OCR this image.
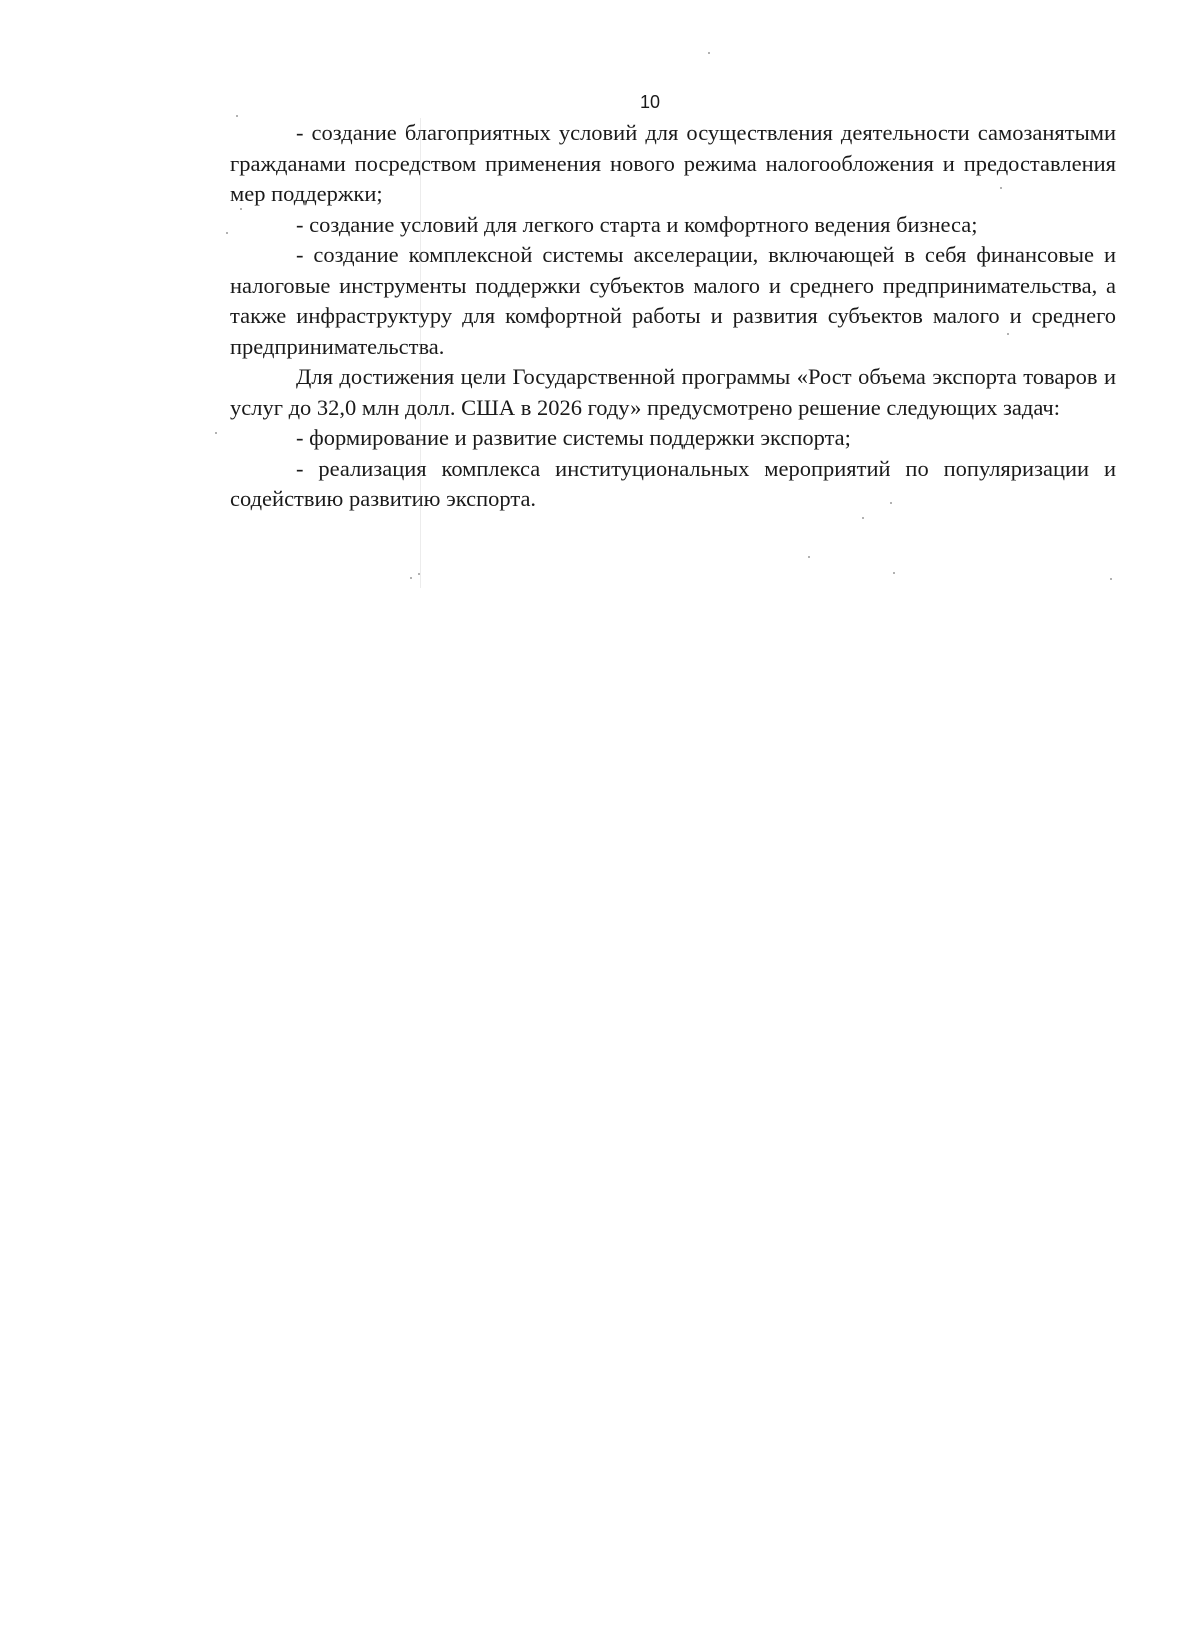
10

- создание благоприятных условий для осуществления деятельности самозанятыми гражданами посредством применения нового режима налогообложения и предоставления мер поддержки;

- создание условий для легкого старта и комфортного ведения бизнеса;

- создание комплексной системы акселерации, включающей в себя финансовые и налоговые инструменты поддержки субъектов малого и среднего предпринимательства, а также инфраструктуру для комфортной работы и развития субъектов малого и среднего предпринимательства.

Для достижения цели Государственной программы «Рост объема экспорта товаров и услуг до 32,0 млн долл. США в 2026 году» предусмотрено решение следующих задач:

- формирование и развитие системы поддержки экспорта;

- реализация комплекса институциональных мероприятий по популяризации и содействию развитию экспорта.
